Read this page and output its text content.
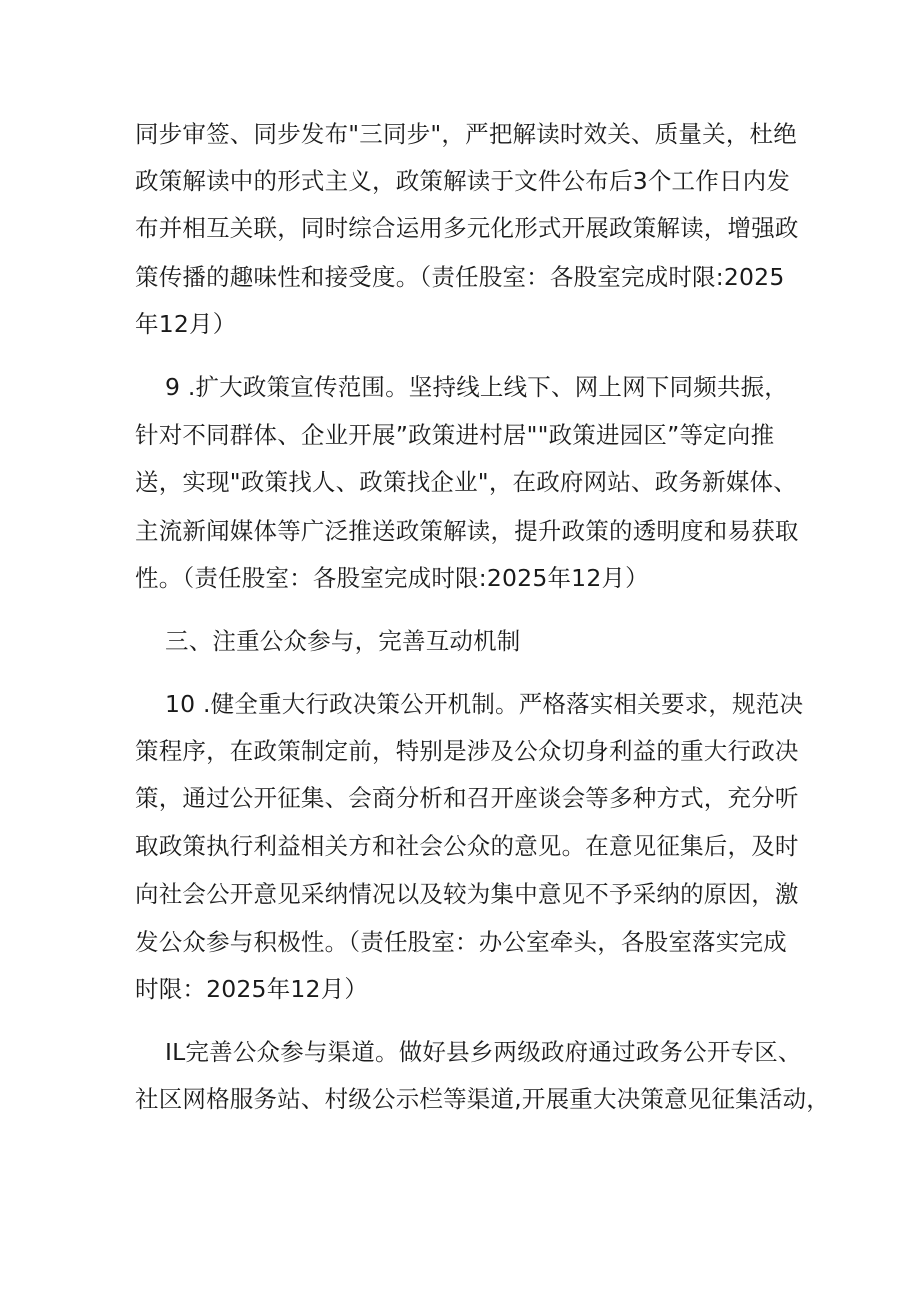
同步审签、同步发布"三同步"，严把解读时效关、质量关，杜绝
政策解读中的形式主义，政策解读于文件公布后3个工作日内发
布并相互关联，同时综合运用多元化形式开展政策解读，增强政
策传播的趣味性和接受度。（责任股室：各股室完成时限:2025
年12月）
9 .扩大政策宣传范围。坚持线上线下、网上网下同频共振，
针对不同群体、企业开展”政策进村居""政策进园区”等定向推
送，实现"政策找人、政策找企业"，在政府网站、政务新媒体、
主流新闻媒体等广泛推送政策解读，提升政策的透明度和易获取
性。（责任股室：各股室完成时限:2025年12月）
三、注重公众参与，完善互动机制
10 .健全重大行政决策公开机制。严格落实相关要求，规范决
策程序，在政策制定前，特别是涉及公众切身利益的重大行政决
策，通过公开征集、会商分析和召开座谈会等多种方式，充分听
取政策执行利益相关方和社会公众的意见。在意见征集后，及时
向社会公开意见采纳情况以及较为集中意见不予采纳的原因，激
发公众参与积极性。（责任股室：办公室牵头，各股室落实完成
时限：2025年12月）
IL完善公众参与渠道。做好县乡两级政府通过政务公开专区、
社区网格服务站、村级公示栏等渠道,开展重大决策意见征集活动，
